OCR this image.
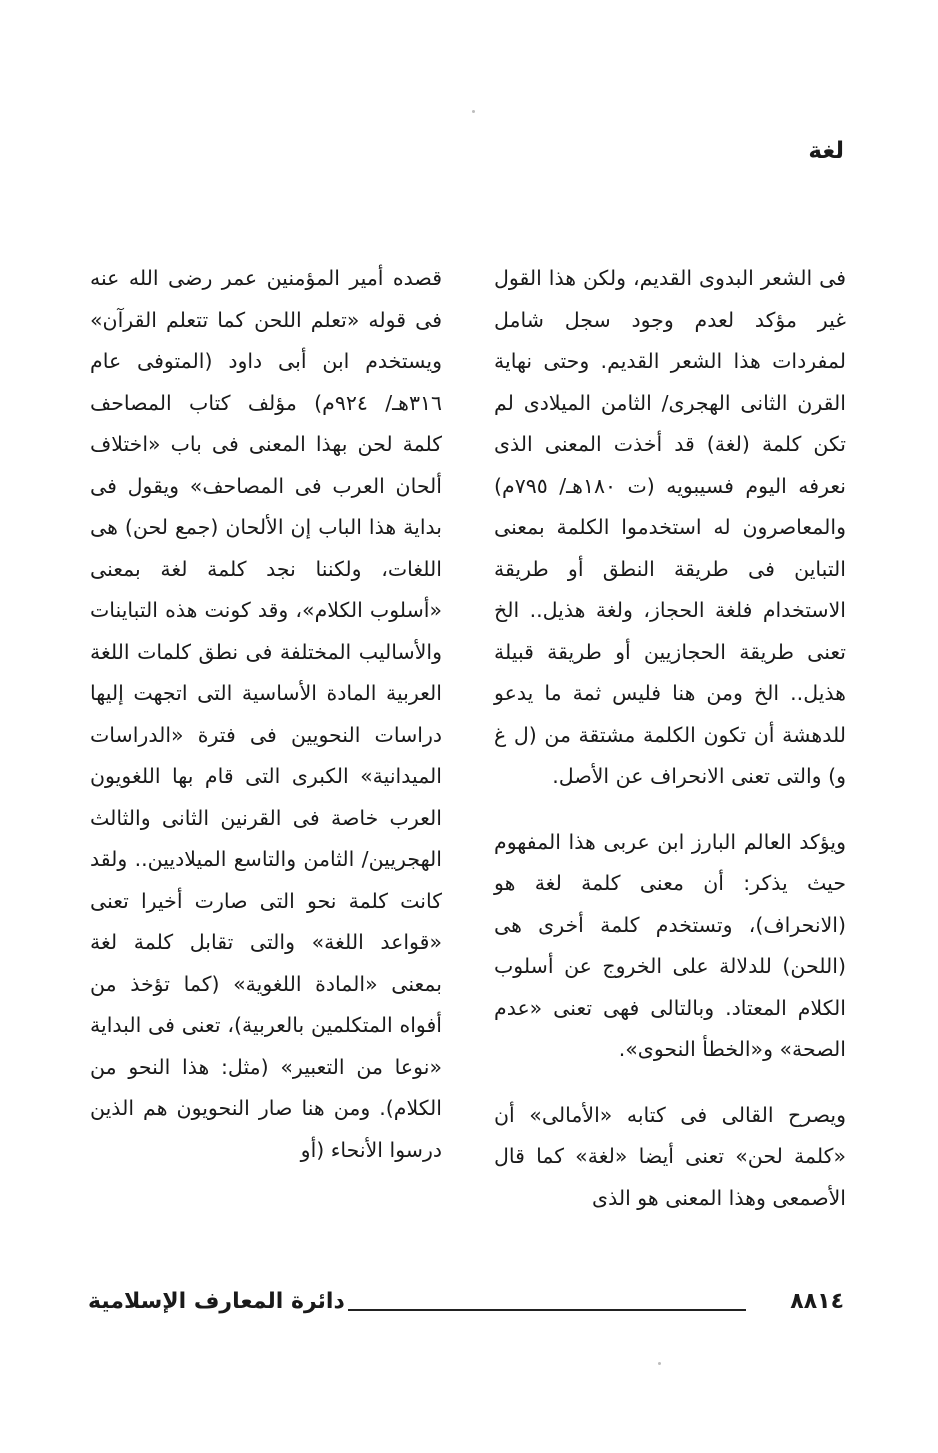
لغة

فى الشعر البدوى القديم، ولكن هذا القول غير مؤكد لعدم وجود سجل شامل لمفردات هذا الشعر القديم. وحتى نهاية القرن الثانى الهجرى/ الثامن الميلادى لم تكن كلمة (لغة) قد أخذت المعنى الذى نعرفه اليوم فسيبويه (ت ١٨٠هـ/ ٧٩٥م) والمعاصرون له استخدموا الكلمة بمعنى التباين فى طريقة النطق أو طريقة الاستخدام فلغة الحجاز، ولغة هذيل.. الخ تعنى طريقة الحجازيين أو طريقة قبيلة هذيل.. الخ ومن هنا فليس ثمة ما يدعو للدهشة أن تكون الكلمة مشتقة من (ل غ و) والتى تعنى الانحراف عن الأصل.

ويؤكد العالم البارز ابن عربى هذا المفهوم حيث يذكر: أن معنى كلمة لغة هو (الانحراف)، وتستخدم كلمة أخرى هى (اللحن) للدلالة على الخروج عن أسلوب الكلام المعتاد. وبالتالى فهى تعنى «عدم الصحة» و«الخطأ النحوى».

ويصرح القالى فى كتابه «الأمالى» أن «كلمة لحن» تعنى أيضا «لغة» كما قال الأصمعى وهذا المعنى هو الذى

قصده أمير المؤمنين عمر رضى الله عنه فى قوله «تعلم اللحن كما تتعلم القرآن» ويستخدم ابن أبى داود (المتوفى عام ٣١٦هـ/ ٩٢٤م) مؤلف كتاب المصاحف كلمة لحن بهذا المعنى فى باب «اختلاف ألحان العرب فى المصاحف» ويقول فى بداية هذا الباب إن الألحان (جمع لحن) هى اللغات، ولكننا نجد كلمة لغة بمعنى «أسلوب الكلام»، وقد كونت هذه التباينات والأساليب المختلفة فى نطق كلمات اللغة العربية المادة الأساسية التى اتجهت إليها دراسات النحويين فى فترة «الدراسات الميدانية» الكبرى التى قام بها اللغويون العرب خاصة فى القرنين الثانى والثالث الهجريين/ الثامن والتاسع الميلاديين.. ولقد كانت كلمة نحو التى صارت أخيرا تعنى «قواعد اللغة» والتى تقابل كلمة لغة بمعنى «المادة اللغوية» (كما تؤخذ من أفواه المتكلمين بالعربية)، تعنى فى البداية «نوعا من التعبير» (مثل: هذا النحو من الكلام). ومن هنا صار النحويون هم الذين درسوا الأنحاء (أو

٨٨١٤
دائرة المعارف الإسلامية
